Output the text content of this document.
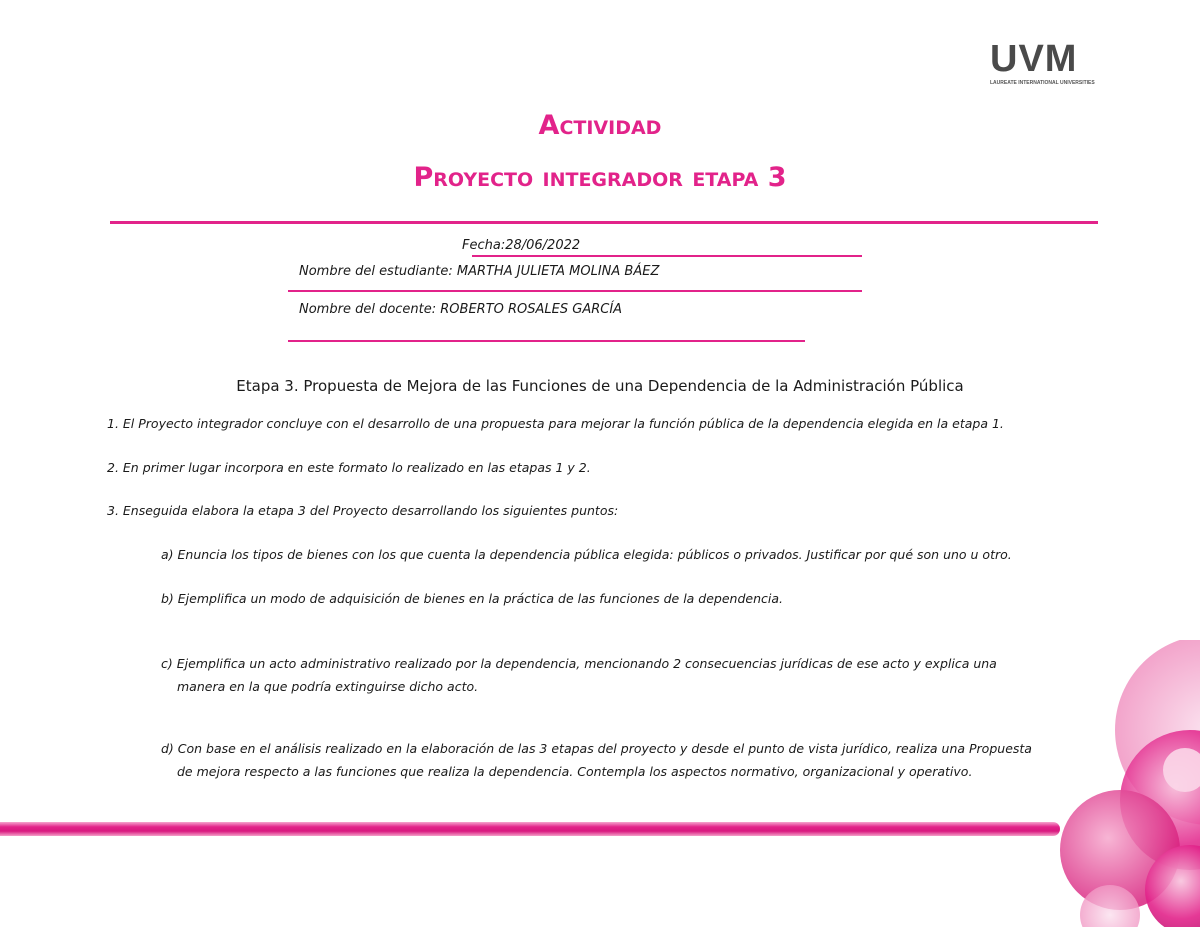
UVM
LAUREATE INTERNATIONAL UNIVERSITIES
Actividad
Proyecto integrador etapa 3
Fecha:28/06/2022
Nombre del estudiante: MARTHA JULIETA MOLINA BÁEZ
Nombre del docente: ROBERTO ROSALES GARCÍA
Etapa 3. Propuesta de Mejora de las Funciones de una Dependencia de la Administración Pública
1. El Proyecto integrador concluye con el desarrollo de una propuesta para mejorar la función pública de la dependencia elegida en la etapa 1.
2. En primer lugar incorpora en este formato lo realizado en las etapas 1 y 2.
3. Enseguida elabora la etapa 3 del Proyecto desarrollando los siguientes puntos:
a) Enuncia los tipos de bienes con los que cuenta la dependencia pública elegida: públicos o privados. Justificar por qué son uno u otro.
b) Ejemplifica un modo de adquisición de bienes en la práctica de las funciones de la dependencia.
c) Ejemplifica un acto administrativo realizado por la dependencia, mencionando 2 consecuencias jurídicas de ese acto y explica una
manera en la que podría extinguirse dicho acto.
d) Con base en el análisis realizado en la elaboración de las 3 etapas del proyecto y desde el punto de vista jurídico, realiza una Propuesta
de mejora respecto a las funciones que realiza la dependencia. Contempla los aspectos normativo, organizacional y operativo.
